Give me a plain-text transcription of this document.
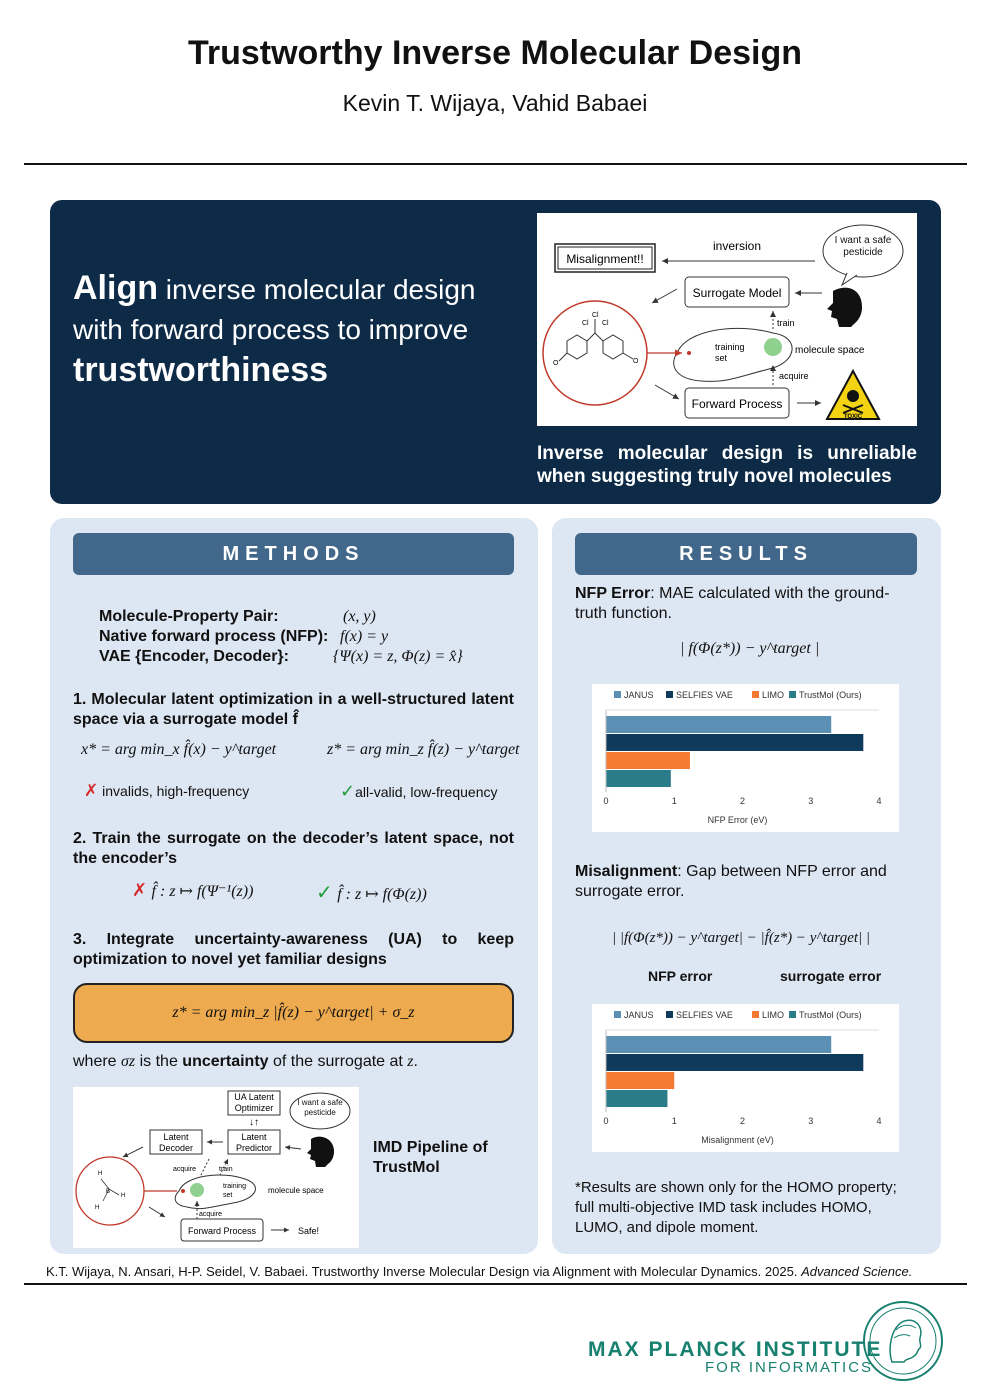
Trustworthy Inverse Molecular Design
Kevin T. Wijaya, Vahid Babaei
Align inverse molecular design with forward process to improve trustworthiness
Misalignment!!
inversion	I want a safe pesticide
Surrogate Model
train
training
set
molecule space
acquire
Forward Process
TOXIC
Cl
Cl
Cl
O	O
Inverse molecular design is unreliable when suggesting truly novel molecules
METHODS
Molecule-Property Pair:	(x, y)
Native forward process (NFP): f(x) = y
VAE {Encoder, Decoder}:	{Ψ(x) = z, Φ(z) = x̂}
1. Molecular latent optimization in a well-structured latent space via a surrogate model f̂
x* = arg min_x f̂(x) − y^target	z* = arg min_z f̂(z) − y^target
✗ invalids, high-frequency	✓all-valid, low-frequency
2. Train the surrogate on the decoder’s latent space, not the encoder’s
✗ f̂ : z ↦ f(Ψ⁻¹(z))	✓ f̂ : z ↦ f(Φ(z))
3. Integrate uncertainty-awareness (UA) to keep optimization to novel yet familiar designs
z* = arg min_z |f̂(z) − y^target| + σ_z
where σz is the uncertainty of the surrogate at z.
UA Latent
Optimizer
↓↑
I want a safe pesticide
Latent
Decoder
Latent
Predictor
acquire	train
training
set
molecule space
acquire
H
B
H
H
Forward Process	Safe!
IMD Pipeline of TrustMol
RESULTS
NFP Error: MAE calculated with the ground-truth function.
| f(Φ(z*)) − y^target |
JANUS SELFIES VAE	LIMO TrustMol (Ours)
0	1	2	3	4
NFP Error (eV)
Misalignment: Gap between NFP error and surrogate error.
| |f(Φ(z*)) − y^target| − |f̂(z*) − y^target| |
NFP error	surrogate error
JANUS SELFIES VAE	LIMO TrustMol (Ours)
0	1	2	3	4
Misalignment (eV)
*Results are shown only for the HOMO property; full multi-objective IMD task includes HOMO, LUMO, and dipole moment.
K.T. Wijaya, N. Ansari, H-P. Seidel, V. Babaei. Trustworthy Inverse Molecular Design via Alignment with Molecular Dynamics. 2025. Advanced Science.
MAX PLANCK INSTITUTE
FOR INFORMATICS
